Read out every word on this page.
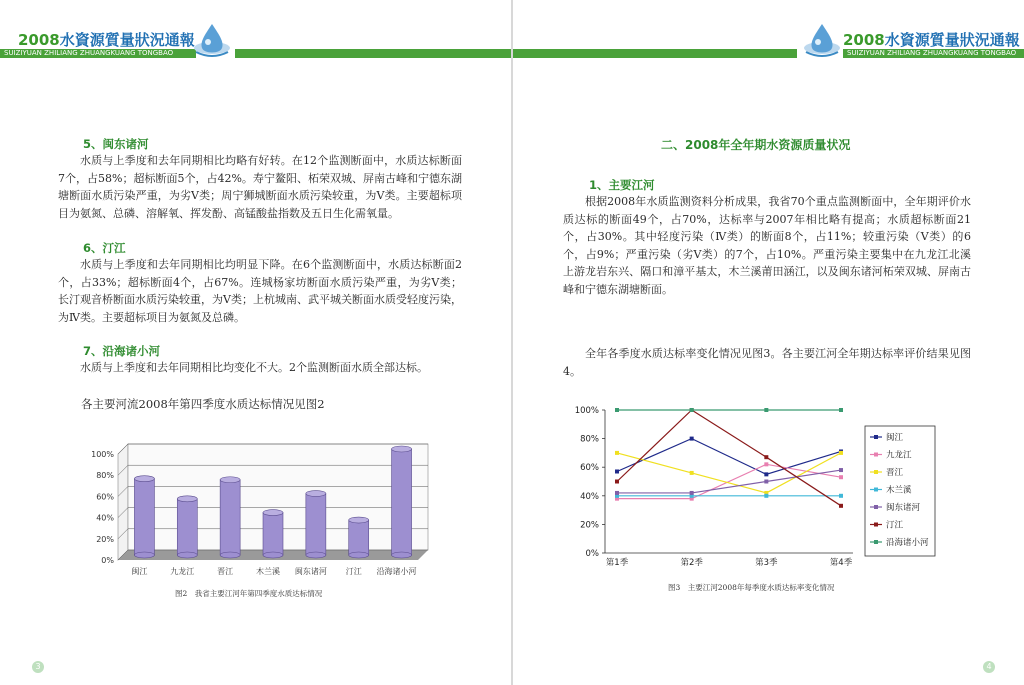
2008水資源質量狀況通報
SUIZIYUAN ZHILIANG ZHUANGKUANG TONGBAO
5、闽东诸河
水质与上季度和去年同期相比均略有好转。在12个监测断面中，水质达标断面7个，占58%；超标断面5个，占42%。寿宁鳌阳、柘荣双城、屏南古峰和宁德东湖塘断面水质污染严重，为劣Ⅴ类；周宁狮城断面水质污染较重，为Ⅴ类。主要超标项目为氨氮、总磷、溶解氧、挥发酚、高锰酸盐指数及五日生化需氧量。
6、汀江
水质与上季度和去年同期相比均明显下降。在6个监测断面中，水质达标断面2个，占33%；超标断面4个，占67%。连城杨家坊断面水质污染严重，为劣Ⅴ类；长汀观音桥断面水质污染较重，为Ⅴ类；上杭城南、武平城关断面水质受轻度污染，为Ⅳ类。主要超标项目为氨氮及总磷。
7、沿海诸小河
水质与上季度和去年同期相比均变化不大。2个监测断面水质全部达标。
各主要河流2008年第四季度水质达标情况见图2
0%
20%
40%
60%
80%
100%
闽江	九龙江	晋江	木兰溪 闽东诸河 汀江 沿海诸小河
图2　我省主要江河年第四季度水质达标情况
3
2008水資源質量狀況通報
SUIZIYUAN ZHILIANG ZHUANGKUANG TONGBAO
二、2008年全年期水资源质量状况
1、主要江河
根据2008年水质监测资料分析成果，我省70个重点监测断面中，全年期评价水质达标的断面49个，占70%，达标率与2007年相比略有提高；水质超标断面21个，占30%。其中轻度污染（Ⅳ类）的断面8个，占11%；较重污染（Ⅴ类）的6个，占9%；严重污染（劣Ⅴ类）的7个，占10%。严重污染主要集中在九龙江北溪上游龙岩东兴、隔口和漳平基太，木兰溪莆田涵江，以及闽东诸河柘荣双城、屏南古峰和宁德东湖塘断面。
全年各季度水质达标率变化情况见图3。各主要江河全年期达标率评价结果见图4。
0%
20%
40%
60%
80%
100%
第1季	第2季	第3季	第4季
闽江
九龙江
晋江
木兰溪
闽东诸河
汀江
沿海诸小河
图3　主要江河2008年每季度水质达标率变化情况
4
